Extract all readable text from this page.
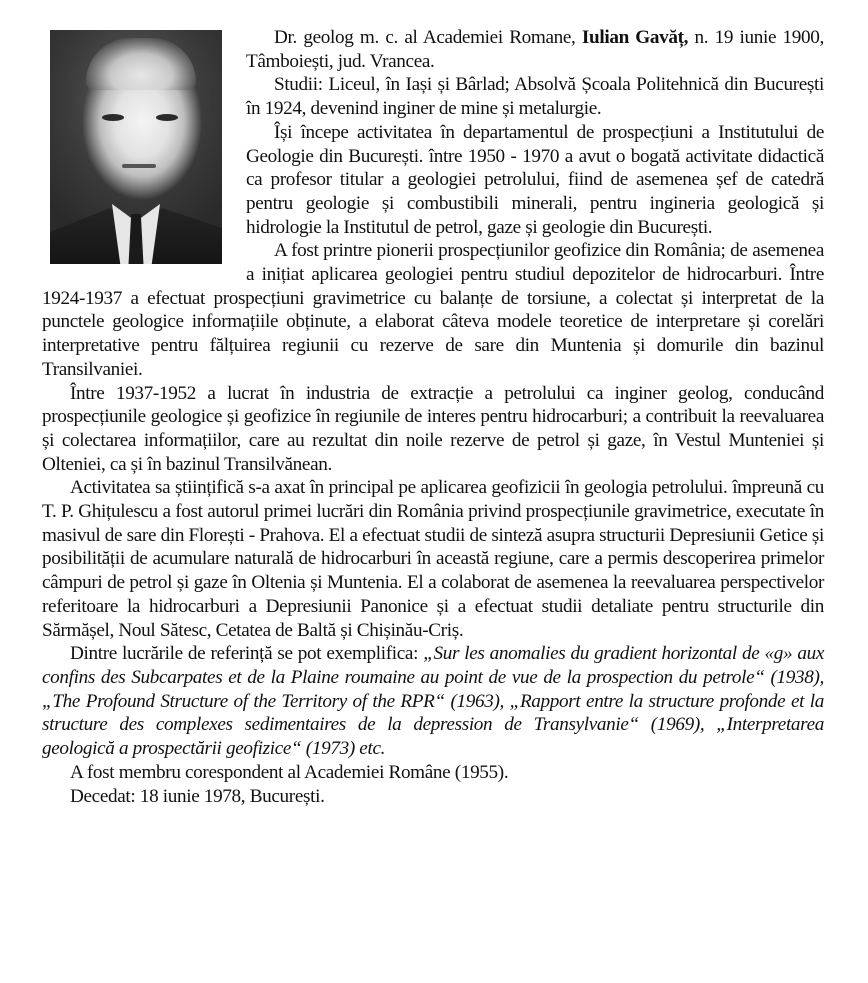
Dr. geolog m. c. al Academiei Romane, Iulian Gavăț, n. 19 iunie 1900, Tâmboiești, jud. Vrancea.

Studii: Liceul, în Iași și Bârlad; Absolvă Școala Politehnică din București în 1924, devenind inginer de mine și metalurgie.

Își începe activitatea în departamentul de prospecțiuni a Institutului de Geologie din București. între 1950 - 1970 a avut o bogată activitate didactică ca profesor titular a geologiei petrolului, fiind de asemenea șef de catedră pentru geologie și combustibili minerali, pentru ingineria geologică și hidrologie la Institutul de petrol, gaze și geologie din București.

A fost printre pionerii prospecțiunilor geofizice din România; de asemenea a inițiat aplicarea geologiei pentru studiul depozitelor de hidrocarburi. Între 1924-1937 a efectuat prospecțiuni gravimetrice cu balanțe de torsiune, a colectat și interpretat de la punctele geologice informațiile obținute, a elaborat câteva modele teoretice de interpretare și corelări interpretative pentru fălțuirea regiunii cu rezerve de sare din Muntenia și domurile din bazinul Transilvaniei.

Între 1937-1952 a lucrat în industria de extracție a petrolului ca inginer geolog, conducând prospecțiunile geologice și geofizice în regiunile de interes pentru hidrocarburi; a contribuit la reevaluarea și colectarea informațiilor, care au rezultat din noile rezerve de petrol și gaze, în Vestul Munteniei și Olteniei, ca și în bazinul Transilvănean.

Activitatea sa științifică s-a axat în principal pe aplicarea geofizicii în geologia petrolului. împreună cu T. P. Ghițulescu a fost autorul primei lucrări din România privind prospecțiunile gravimetrice, executate în masivul de sare din Florești - Prahova. El a efectuat studii de sinteză asupra structurii Depresiunii Getice și posibilității de acumulare naturală de hidrocarburi în această regiune, care a permis descoperirea primelor câmpuri de petrol și gaze în Oltenia și Muntenia. El a colaborat de asemenea la reevaluarea perspectivelor referitoare la hidrocarburi a Depresiunii Panonice și a efectuat studii detaliate pentru structurile din Sărmășel, Noul Sătesc, Cetatea de Baltă și Chișinău-Criș.

Dintre lucrările de referință se pot exemplifica: „Sur les anomalies du gradient horizontal de «g» aux confins des Subcarpates et de la Plaine roumaine au point de vue de la prospection du petrole“ (1938), „The Profound Structure of the Territory of the RPR“ (1963), „Rapport entre la structure profonde et la structure des complexes sedimentaires de la depression de Transylvanie“ (1969), „Interpretarea geologică a prospectării geofizice“ (1973) etc.

A fost membru corespondent al Academiei Române (1955).

Decedat: 18 iunie 1978, București.
